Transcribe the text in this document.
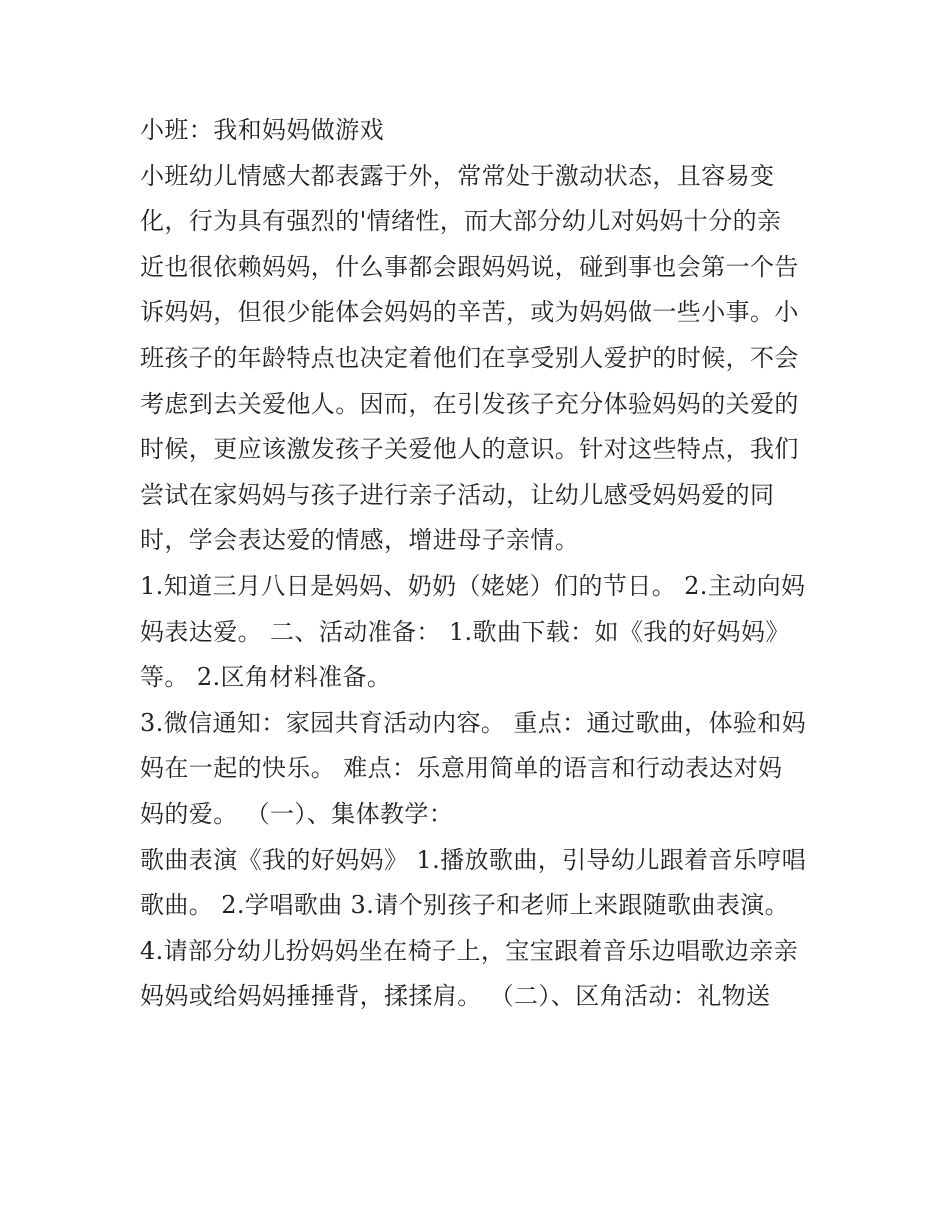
小班：我和妈妈做游戏
小班幼儿情感大都表露于外，常常处于激动状态，且容易变
化，行为具有强烈的'情绪性，而大部分幼儿对妈妈十分的亲
近也很依赖妈妈，什么事都会跟妈妈说，碰到事也会第一个告
诉妈妈，但很少能体会妈妈的辛苦，或为妈妈做一些小事。小
班孩子的年龄特点也决定着他们在享受别人爱护的时候，不会
考虑到去关爱他人。因而，在引发孩子充分体验妈妈的关爱的
时候，更应该激发孩子关爱他人的意识。针对这些特点，我们
尝试在家妈妈与孩子进行亲子活动，让幼儿感受妈妈爱的同
时，学会表达爱的情感，增进母子亲情。
1.知道三月八日是妈妈、奶奶（姥姥）们的节日。 2.主动向妈
妈表达爱。 二、活动准备： 1.歌曲下载：如《我的好妈妈》
等。 2.区角材料准备。
3.微信通知：家园共育活动内容。 重点：通过歌曲，体验和妈
妈在一起的快乐。 难点：乐意用简单的语言和行动表达对妈
妈的爱。 （一）、集体教学：
歌曲表演《我的好妈妈》 1.播放歌曲，引导幼儿跟着音乐哼唱
歌曲。 2.学唱歌曲 3.请个别孩子和老师上来跟随歌曲表演。
4.请部分幼儿扮妈妈坐在椅子上，宝宝跟着音乐边唱歌边亲亲
妈妈或给妈妈捶捶背，揉揉肩。 （二）、区角活动：礼物送
